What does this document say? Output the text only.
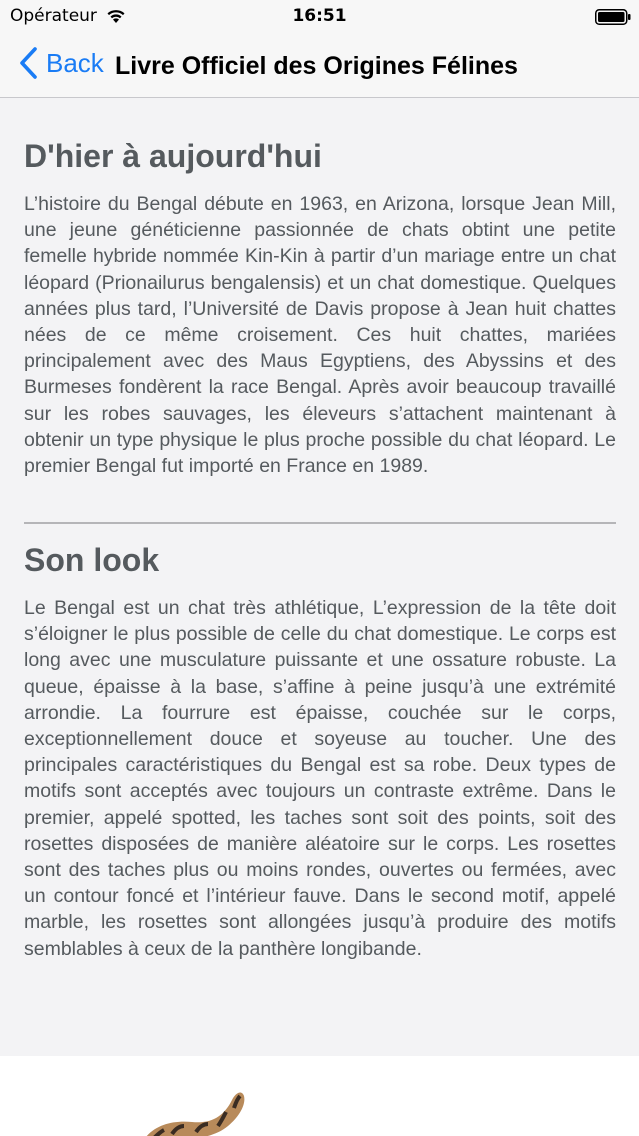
Opérateur	16:51
Back Livre Officiel des Origines Félines
D'hier à aujourd'hui

L’histoire du Bengal débute en 1963, en Arizona, lorsque Jean Mill, une jeune généticienne passionnée de chats obtint une petite femelle hybride nommée Kin-Kin à partir d’un mariage entre un chat léopard (Prionailurus bengalensis) et un chat domestique. Quelques années plus tard, l’Université de Davis propose à Jean huit chattes nées de ce même croisement. Ces huit chattes, mariées principalement avec des Maus Egyptiens, des Abyssins et des Burmeses fondèrent la race Bengal. Après avoir beaucoup travaillé sur les robes sauvages, les éleveurs s’attachent maintenant à obtenir un type physique le plus proche possible du chat léopard. Le premier Bengal fut importé en France en 1989.

Son look

Le Bengal est un chat très athlétique, L’expression de la tête doit s’éloigner le plus possible de celle du chat domestique. Le corps est long avec une musculature puissante et une ossature robuste. La queue, épaisse à la base, s’affine à peine jusqu’à une extrémité arrondie. La fourrure est épaisse, couchée sur le corps, exceptionnellement douce et soyeuse au toucher. Une des principales caractéristiques du Bengal est sa robe. Deux types de motifs sont acceptés avec toujours un contraste extrême. Dans le premier, appelé spotted, les taches sont soit des points, soit des rosettes disposées de manière aléatoire sur le corps. Les rosettes sont des taches plus ou moins rondes, ouvertes ou fermées, avec un contour foncé et l’intérieur fauve. Dans le second motif, appelé marble, les rosettes sont allongées jusqu’à produire des motifs semblables à ceux de la panthère longibande.
